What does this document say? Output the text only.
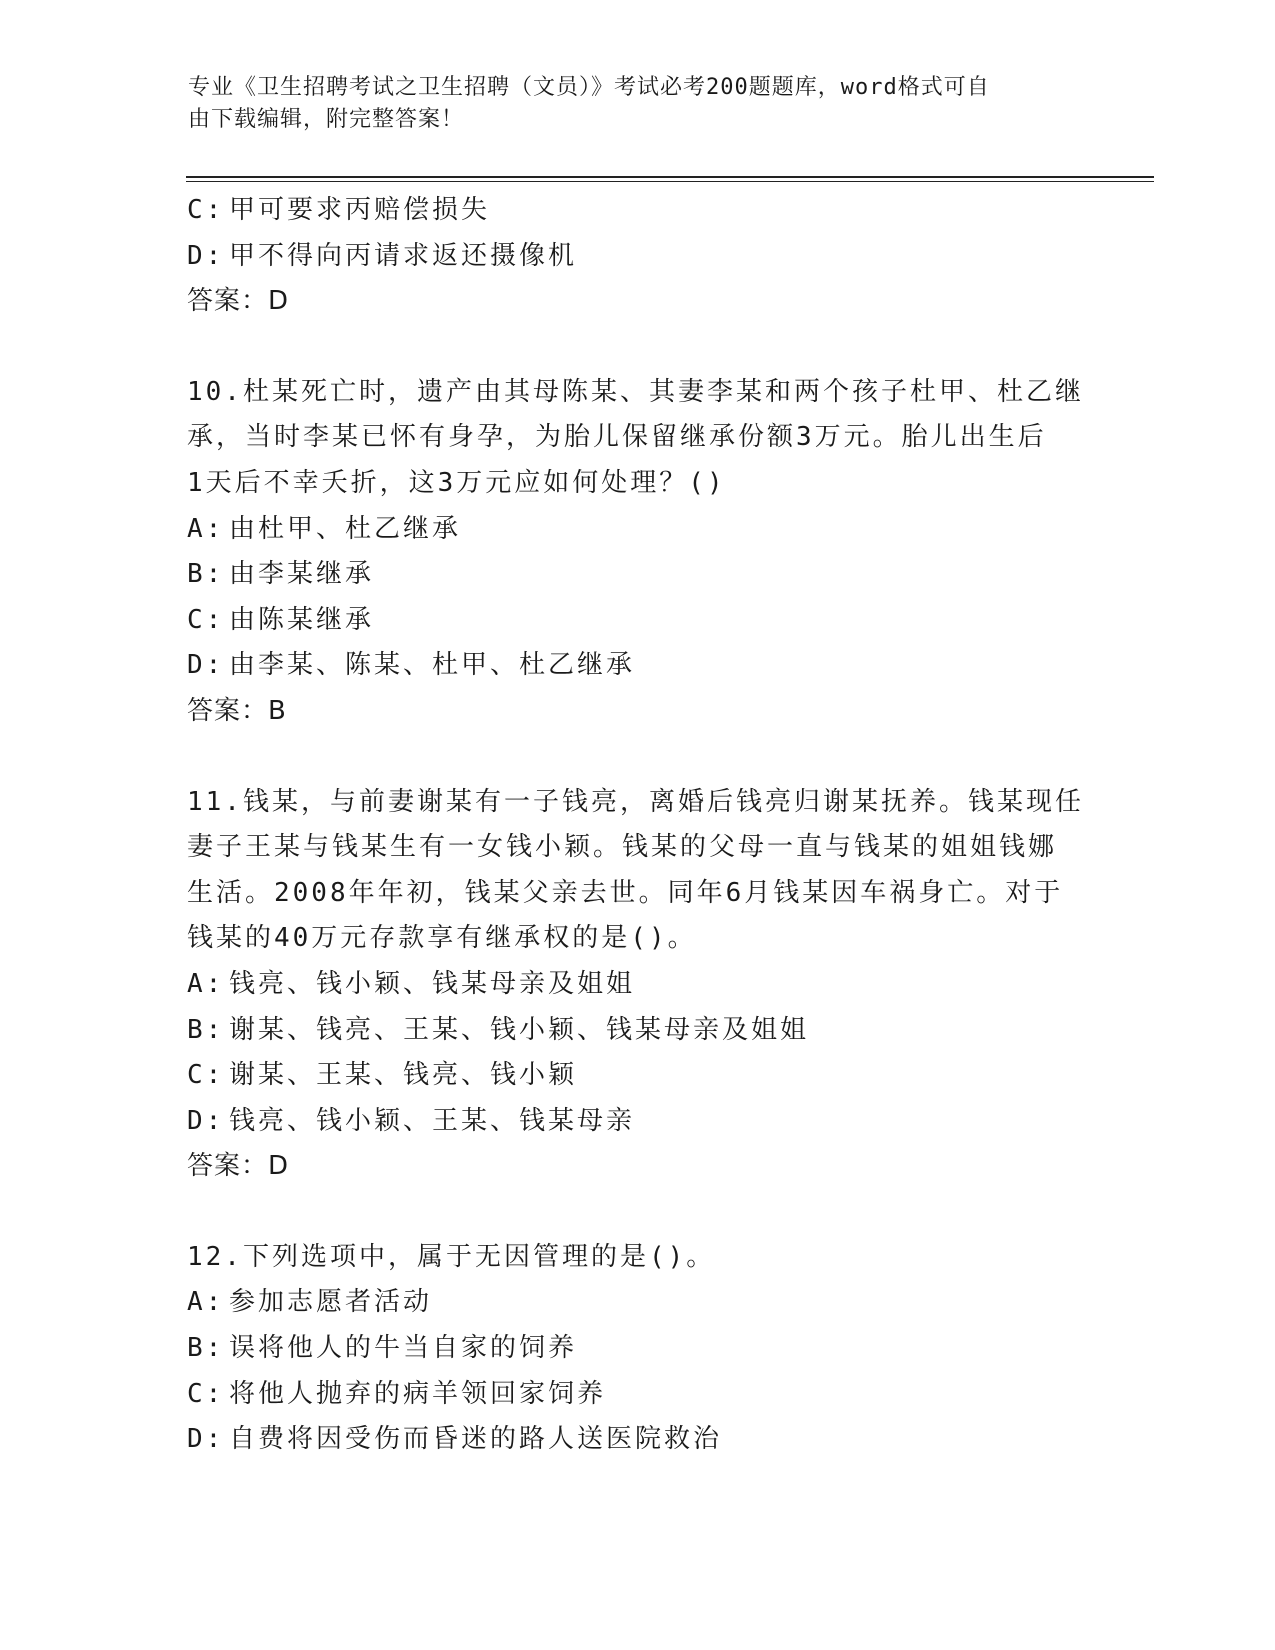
专业《卫生招聘考试之卫生招聘（文员）》考试必考200题题库，word格式可自
由下载编辑，附完整答案！
C: 甲可要求丙赔偿损失
D: 甲不得向丙请求返还摄像机
答案：D
10.杜某死亡时，遗产由其母陈某、其妻李某和两个孩子杜甲、杜乙继
承，当时李某已怀有身孕，为胎儿保留继承份额3万元。胎儿出生后
1天后不幸夭折，这3万元应如何处理？()
A: 由杜甲、杜乙继承
B: 由李某继承
C: 由陈某继承
D: 由李某、陈某、杜甲、杜乙继承
答案：B
11.钱某，与前妻谢某有一子钱亮，离婚后钱亮归谢某抚养。钱某现任
妻子王某与钱某生有一女钱小颖。钱某的父母一直与钱某的姐姐钱娜
生活。2008年年初，钱某父亲去世。同年6月钱某因车祸身亡。对于
钱某的40万元存款享有继承权的是()。
A: 钱亮、钱小颖、钱某母亲及姐姐
B: 谢某、钱亮、王某、钱小颖、钱某母亲及姐姐
C: 谢某、王某、钱亮、钱小颖
D: 钱亮、钱小颖、王某、钱某母亲
答案：D
12.下列选项中，属于无因管理的是()。
A: 参加志愿者活动
B: 误将他人的牛当自家的饲养
C: 将他人抛弃的病羊领回家饲养
D: 自费将因受伤而昏迷的路人送医院救治
